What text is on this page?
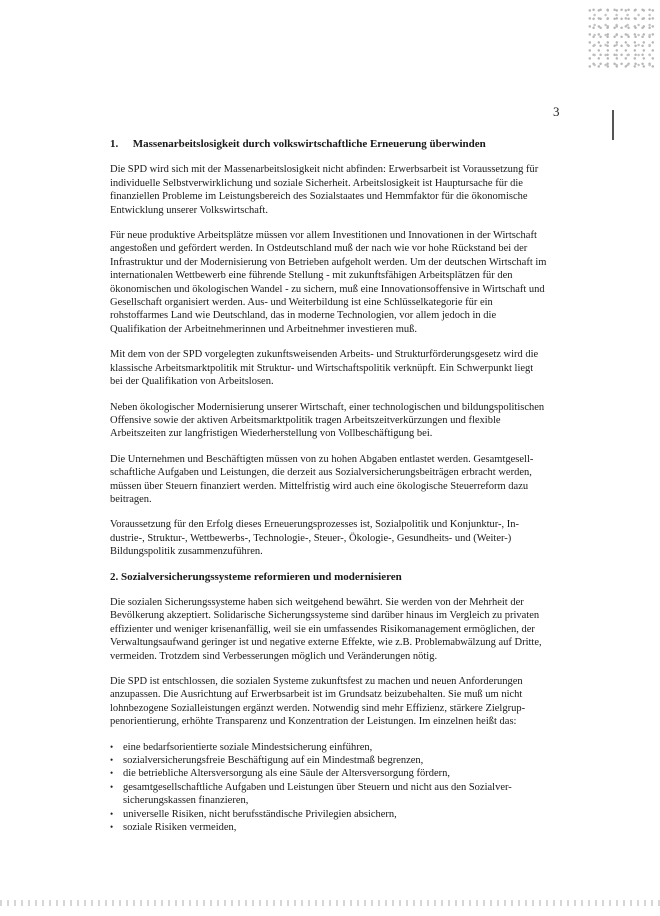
3
1. Massenarbeitslosigkeit durch volkswirtschaftliche Erneuerung überwinden

Die SPD wird sich mit der Massenarbeitslosigkeit nicht abfinden: Erwerbsarbeit ist Voraussetzung für
individuelle Selbstverwirklichung und soziale Sicherheit. Arbeitslosigkeit ist Hauptursache für die
finanziellen Probleme im Leistungsbereich des Sozialstaates und Hemmfaktor für die ökonomische
Entwicklung unserer Volkswirtschaft.

Für neue produktive Arbeitsplätze müssen vor allem Investitionen und Innovationen in der Wirtschaft
angestoßen und gefördert werden. In Ostdeutschland muß der nach wie vor hohe Rückstand bei der
Infrastruktur und der Modernisierung von Betrieben aufgeholt werden. Um der deutschen Wirtschaft im
internationalen Wettbewerb eine führende Stellung - mit zukunftsfähigen Arbeitsplätzen für den
ökonomischen und ökologischen Wandel - zu sichern, muß eine Innovationsoffensive in Wirtschaft und
Gesellschaft organisiert werden. Aus- und Weiterbildung ist eine Schlüsselkategorie für ein
rohstoffarmes Land wie Deutschland, das in moderne Technologien, vor allem jedoch in die
Qualifikation der Arbeitnehmerinnen und Arbeitnehmer investieren muß.

Mit dem von der SPD vorgelegten zukunftsweisenden Arbeits- und Strukturförderungsgesetz wird die
klassische Arbeitsmarktpolitik mit Struktur- und Wirtschaftspolitik verknüpft. Ein Schwerpunkt liegt
bei der Qualifikation von Arbeitslosen.

Neben ökologischer Modernisierung unserer Wirtschaft, einer technologischen und bildungspolitischen
Offensive sowie der aktiven Arbeitsmarktpolitik tragen Arbeitszeitverkürzungen und flexible
Arbeitszeiten zur langfristigen Wiederherstellung von Vollbeschäftigung bei.

Die Unternehmen und Beschäftigten müssen von zu hohen Abgaben entlastet werden. Gesamtgesell-
schaftliche Aufgaben und Leistungen, die derzeit aus Sozialversicherungsbeiträgen erbracht werden,
müssen über Steuern finanziert werden. Mittelfristig wird auch eine ökologische Steuerreform dazu
beitragen.

Voraussetzung für den Erfolg dieses Erneuerungsprozesses ist, Sozialpolitik und Konjunktur-, In-
dustrie-, Struktur-, Wettbewerbs-, Technologie-, Steuer-, Ökologie-, Gesundheits- und (Weiter-)
Bildungspolitik zusammenzuführen.

2. Sozialversicherungssysteme reformieren und modernisieren

Die sozialen Sicherungssysteme haben sich weitgehend bewährt. Sie werden von der Mehrheit der
Bevölkerung akzeptiert. Solidarische Sicherungssysteme sind darüber hinaus im Vergleich zu privaten
effizienter und weniger krisenanfällig, weil sie ein umfassendes Risikomanagement ermöglichen, der
Verwaltungsaufwand geringer ist und negative externe Effekte, wie z.B. Problemabwälzung auf Dritte,
vermeiden. Trotzdem sind Verbesserungen möglich und Veränderungen nötig.

Die SPD ist entschlossen, die sozialen Systeme zukunftsfest zu machen und neuen Anforderungen
anzupassen. Die Ausrichtung auf Erwerbsarbeit ist im Grundsatz beizubehalten. Sie muß um nicht
lohnbezogene Sozialleistungen ergänzt werden. Notwendig sind mehr Effizienz, stärkere Zielgrup-
penorientierung, erhöhte Transparenz und Konzentration der Leistungen. Im einzelnen heißt das:

• eine bedarfsorientierte soziale Mindestsicherung einführen,
• sozialversicherungsfreie Beschäftigung auf ein Mindestmaß begrenzen,
• die betriebliche Altersversorgung als eine Säule der Altersversorgung fördern,
• gesamtgesellschaftliche Aufgaben und Leistungen über Steuern und nicht aus den Sozialver-
sicherungskassen finanzieren,
• universelle Risiken, nicht berufsständische Privilegien absichern,
• soziale Risiken vermeiden,
